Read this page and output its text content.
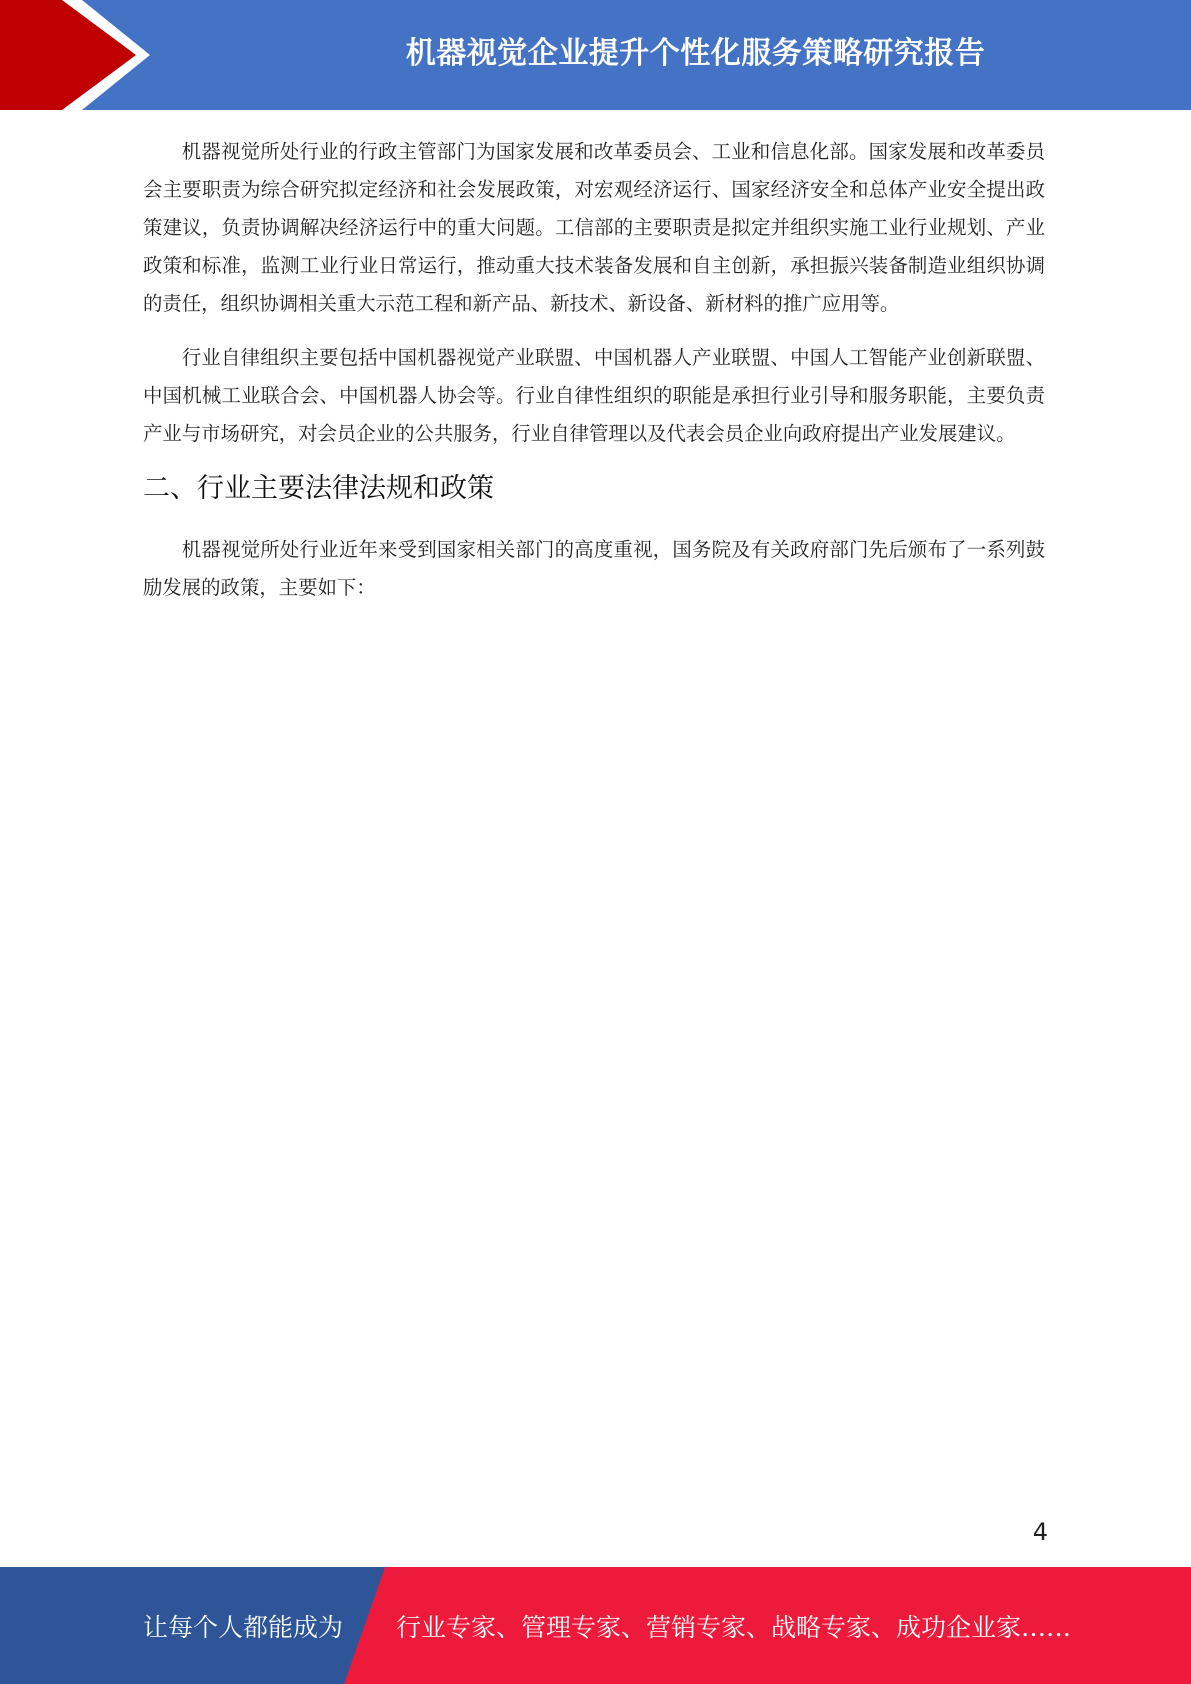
机器视觉企业提升个性化服务策略研究报告

机器视觉所处行业的行政主管部门为国家发展和改革委员会、工业和信息化部。国家发展和改革委员会主要职责为综合研究拟定经济和社会发展政策，对宏观经济运行、国家经济安全和总体产业安全提出政策建议，负责协调解决经济运行中的重大问题。工信部的主要职责是拟定并组织实施工业行业规划、产业政策和标准，监测工业行业日常运行，推动重大技术装备发展和自主创新，承担振兴装备制造业组织协调的责任，组织协调相关重大示范工程和新产品、新技术、新设备、新材料的推广应用等。

行业自律组织主要包括中国机器视觉产业联盟、中国机器人产业联盟、中国人工智能产业创新联盟、中国机械工业联合会、中国机器人协会等。行业自律性组织的职能是承担行业引导和服务职能，主要负责产业与市场研究，对会员企业的公共服务，行业自律管理以及代表会员企业向政府提出产业发展建议。

二、行业主要法律法规和政策

机器视觉所处行业近年来受到国家相关部门的高度重视，国务院及有关政府部门先后颁布了一系列鼓励发展的政策，主要如下：

4
让每个人都能成为 行业专家、管理专家、营销专家、战略专家、成功企业家……
